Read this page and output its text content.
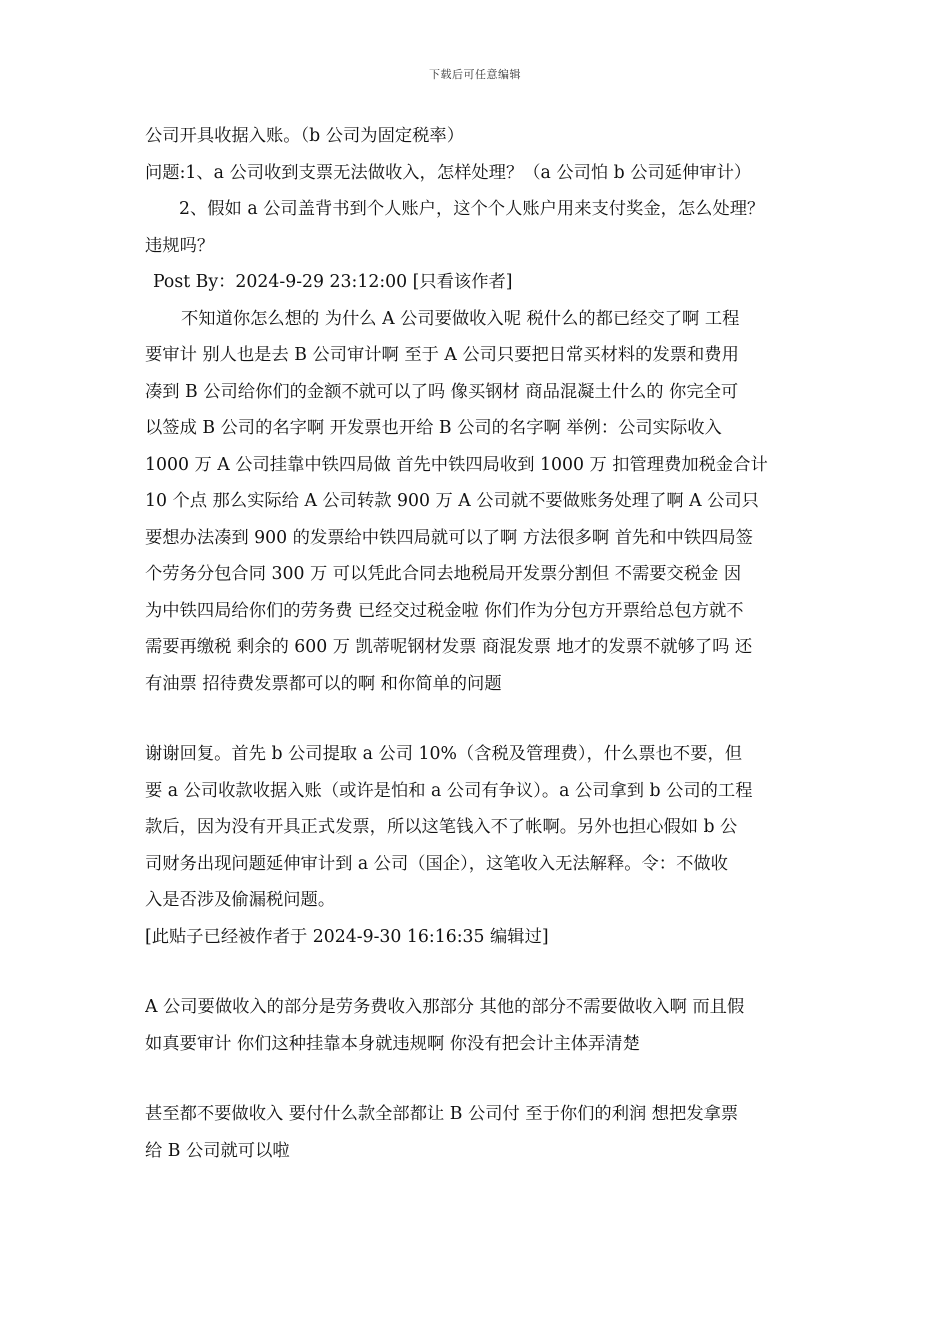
下载后可任意编辑
公司开具收据入账。（b 公司为固定税率）
问题:1、a 公司收到支票无法做收入，怎样处理？（a 公司怕 b 公司延伸审计）
2、假如 a 公司盖背书到个人账户，这个个人账户用来支付奖金，怎么处理？
违规吗？
Post By：2024-9-29 23:12:00 [只看该作者]
不知道你怎么想的 为什么 A 公司要做收入呢 税什么的都已经交了啊 工程
要审计 别人也是去 B 公司审计啊 至于 A 公司只要把日常买材料的发票和费用
凑到 B 公司给你们的金额不就可以了吗 像买钢材 商品混凝土什么的 你完全可
以签成 B 公司的名字啊 开发票也开给 B 公司的名字啊 举例：公司实际收入
1000 万 A 公司挂靠中铁四局做 首先中铁四局收到 1000 万 扣管理费加税金合计
10 个点 那么实际给 A 公司转款 900 万 A 公司就不要做账务处理了啊 A 公司只
要想办法凑到 900 的发票给中铁四局就可以了啊 方法很多啊 首先和中铁四局签
个劳务分包合同 300 万 可以凭此合同去地税局开发票分割但 不需要交税金 因
为中铁四局给你们的劳务费 已经交过税金啦 你们作为分包方开票给总包方就不
需要再缴税 剩余的 600 万 凯蒂呢钢材发票 商混发票 地才的发票不就够了吗 还
有油票 招待费发票都可以的啊 和你简单的问题
谢谢回复。首先 b 公司提取 a 公司 10%（含税及管理费），什么票也不要，但
要 a 公司收款收据入账（或许是怕和 a 公司有争议）。a 公司拿到 b 公司的工程
款后，因为没有开具正式发票，所以这笔钱入不了帐啊。另外也担心假如 b 公
司财务出现问题延伸审计到 a 公司（国企），这笔收入无法解释。令：不做收
入是否涉及偷漏税问题。
[此贴子已经被作者于 2024-9-30 16:16:35 编辑过]
A 公司要做收入的部分是劳务费收入那部分 其他的部分不需要做收入啊 而且假
如真要审计 你们这种挂靠本身就违规啊 你没有把会计主体弄清楚
甚至都不要做收入 要付什么款全部都让 B 公司付 至于你们的利润 想把发拿票
给 B 公司就可以啦
